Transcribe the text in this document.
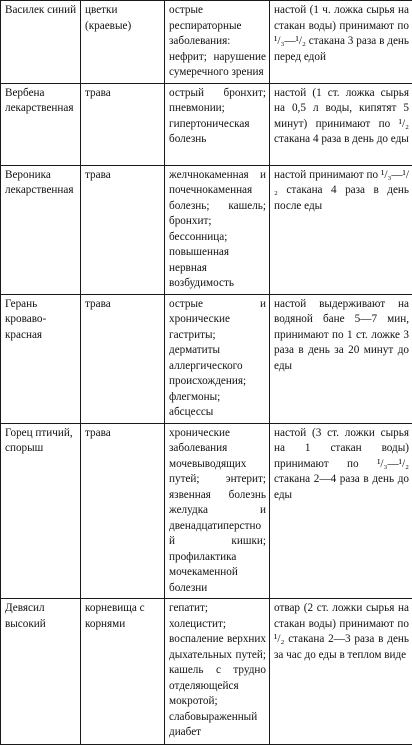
Василек синий	цветки (краевые)	острые респираторные заболевания: нефрит; нарушение сумеречного зрения	настой (1 ч. ложка сырья на стакан воды) принимают по ¹/₃—¹/₂ стакана 3 раза в день перед едой
Вербена лекарственная	трава	острый бронхит; пневмонии; гипертоническая болезнь	настой (1 ст. ложка сырья на 0,5 л воды, кипятят 5 минут) принимают по ¹/₂ стакана 4 раза в день до еды
Вероника лекарственная	трава	желчнокаменная и почечнокаменная болезнь; кашель; бронхит; бессонница; повышенная нервная возбудимость	настой принимают по ¹/₃—¹/₂ стакана 4 раза в день после еды
Герань кроваво-красная	трава	острые и хронические гастриты; дерматиты аллергического происхождения; флегмоны; абсцессы	настой выдерживают на водяной бане 5—7 мин, принимают по 1 ст. ложке 3 раза в день за 20 минут до еды
Горец птичий, спорыш	трава	хронические заболевания мочевыводящих путей; энтерит; язвенная болезнь желудка и двенадцатиперстной кишки; профилактика мочекаменной болезни	настой (3 ст. ложки сырья на 1 стакан воды) принимают по ¹/₃—¹/₂ стакана 2—4 раза в день до еды
Девясил высокий	корневища с корнями	гепатит; холецистит; воспаление верхних дыхательных путей; кашель с трудно отделяющейся мокротой; слабовыраженный диабет	отвар (2 ст. ложки сырья на стакан воды) принимают по ¹/₂ стакана 2—3 раза в день за час до еды в теплом виде
